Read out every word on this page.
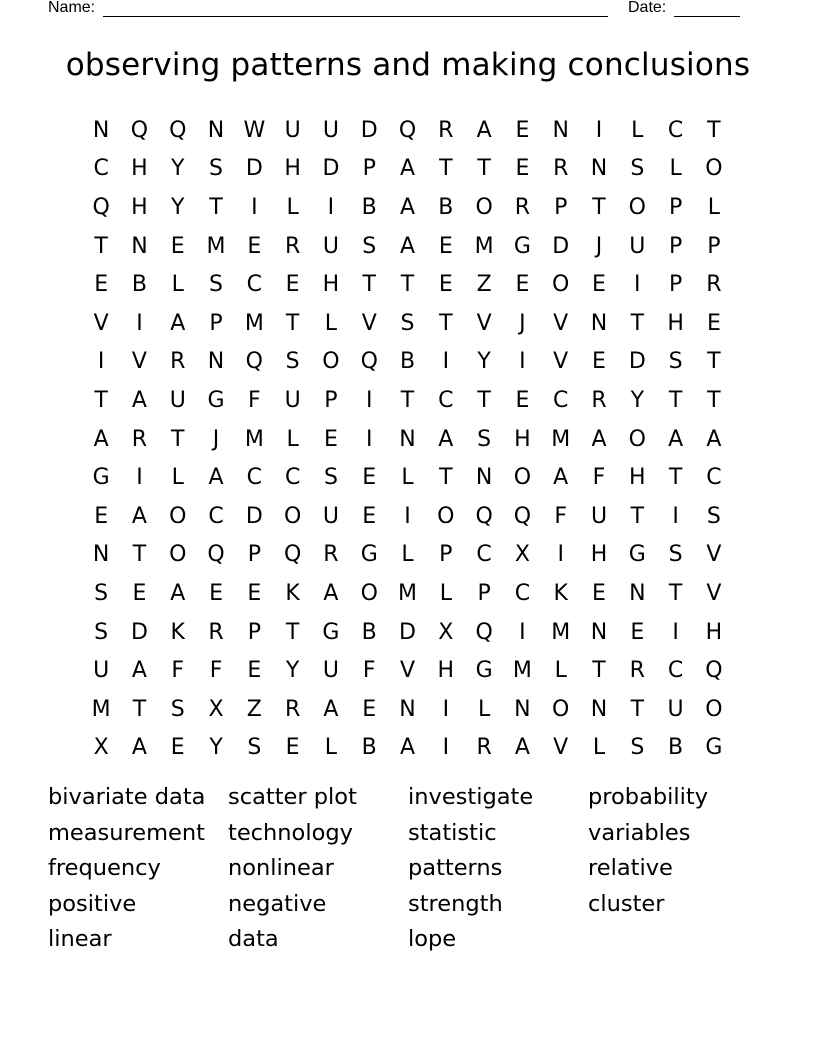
Name:	Date:
observing patterns and making conclusions
N Q Q N W U	U D Q R	A	E	N	I	L	C	T
C	H	Y	S	D H D	P	A	T	T	E	R	N	S	L	O
Q H	Y	T	I	L	I	B	A	B	O R	P	T	O	P	L
T	N	E M E	R	U	S	A	E M G D	J	U	P	P
E	B	L	S	C	E	H	T	T	E	Z	E	O	E	I	P	R
V	I	A	P	M	T	L	V	S	T	V	J	V	N	T	H	E
I	V	R	N Q	S	O Q	B	I	Y	I	V	E	D	S	T
T	A	U G	F	U	P	I	T	C	T	E	C	R	Y	T	T
A	R	T	J	M	L	E	I	N	A	S	H M A	O	A	A
G	I	L	A	C	C	S	E	L	T	N O	A	F	H	T	C
E	A	O C	D O U	E	I	O Q Q	F	U	T	I	S
N	T	O Q	P	Q R	G	L	P	C	X	I	H G	S	V
S	E	A	E	E	K	A	O M	L	P	C	K	E	N	T	V
S	D	K	R	P	T	G	B	D	X	Q	I	M N	E	I	H
U	A	F	F	E	Y	U	F	V	H G M	L	T	R	C Q
M	T	S	X	Z	R	A	E	N	I	L	N O N	T	U O
X	A	E	Y	S	E	L	B	A	I	R	A	V	L	S	B	G
bivariate data	scatter plot	investigate	probability
measurement	technology	statistic	variables
frequency	nonlinear	patterns	relative
positive	negative	strength	cluster
linear	data	lope
